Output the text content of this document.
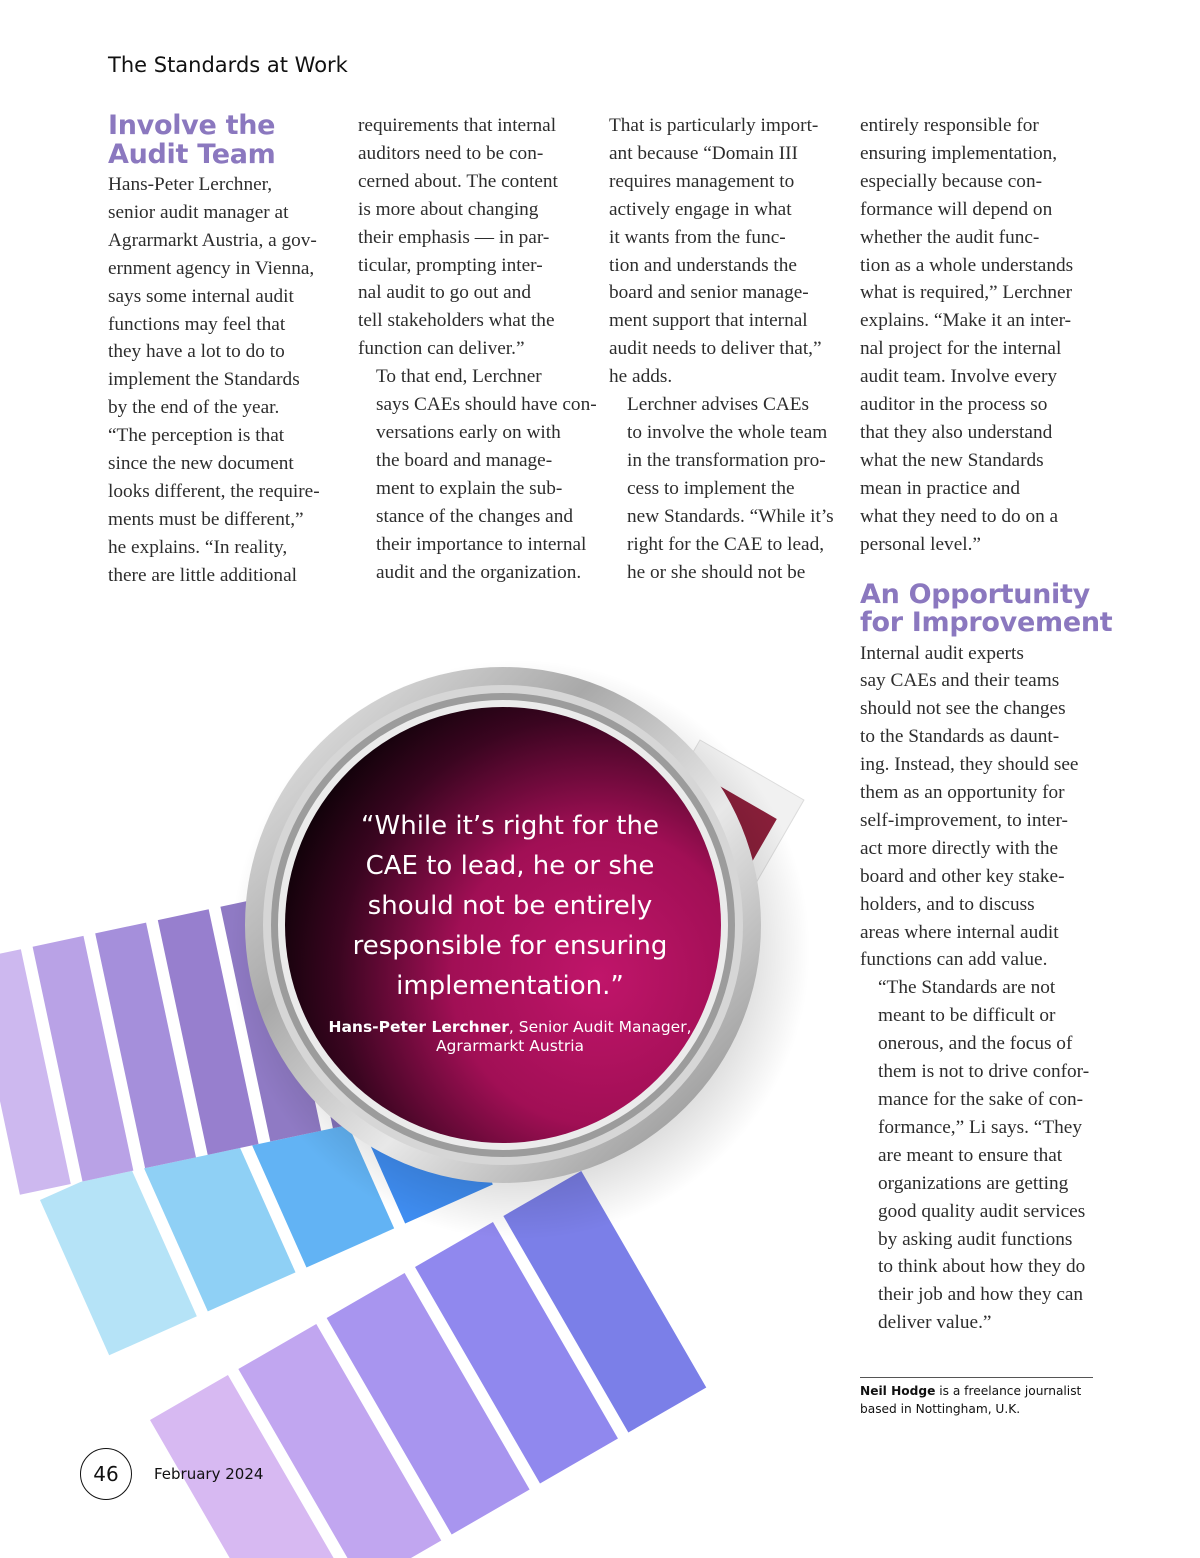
The Standards at Work
Involve the
Audit Team

Hans-Peter Lerchner,
senior audit manager at
Agrarmarkt Austria, a gov-
ernment agency in Vienna,
says some internal audit
functions may feel that
they have a lot to do to
implement the Standards
by the end of the year.
“The perception is that
since the new document
looks different, the require-
ments must be different,”
he explains. “In reality,
there are little additional

requirements that internal
auditors need to be con-
cerned about. The content
is more about changing
their emphasis — in par-
ticular, prompting inter-
nal audit to go out and
tell stakeholders what the
function can deliver.”

To that end, Lerchner
says CAEs should have con-
versations early on with
the board and manage-
ment to explain the sub-
stance of the changes and
their importance to internal
audit and the organization.

That is particularly import-
ant because “Domain III
requires management to
actively engage in what
it wants from the func-
tion and understands the
board and senior manage-
ment support that internal
audit needs to deliver that,”
he adds.

Lerchner advises CAEs
to involve the whole team
in the transformation pro-
cess to implement the
new Standards. “While it’s
right for the CAE to lead,
he or she should not be

entirely responsible for
ensuring implementation,
especially because con-
formance will depend on
whether the audit func-
tion as a whole understands
what is required,” Lerchner
explains. “Make it an inter-
nal project for the internal
audit team. Involve every
auditor in the process so
that they also understand
what the new Standards
mean in practice and
what they need to do on a
personal level.”

An Opportunity
for Improvement

Internal audit experts
say CAEs and their teams
should not see the changes
to the Standards as daunt-
ing. Instead, they should see
them as an opportunity for
self-improvement, to inter-
act more directly with the
board and other key stake-
holders, and to discuss
areas where internal audit
functions can add value.

“The Standards are not
meant to be difficult or
onerous, and the focus of
them is not to drive confor-
mance for the sake of con-
formance,” Li says. “They
are meant to ensure that
organizations are getting
good quality audit services
by asking audit functions
to think about how they do
their job and how they can
deliver value.”

“While it’s right for the
CAE to lead, he or she
should not be entirely
responsible for ensuring
implementation.”

Hans-Peter Lerchner, Senior Audit Manager,
Agrarmarkt Austria
Neil Hodge is a freelance journalist
based in Nottingham, U.K.
46	February 2024
